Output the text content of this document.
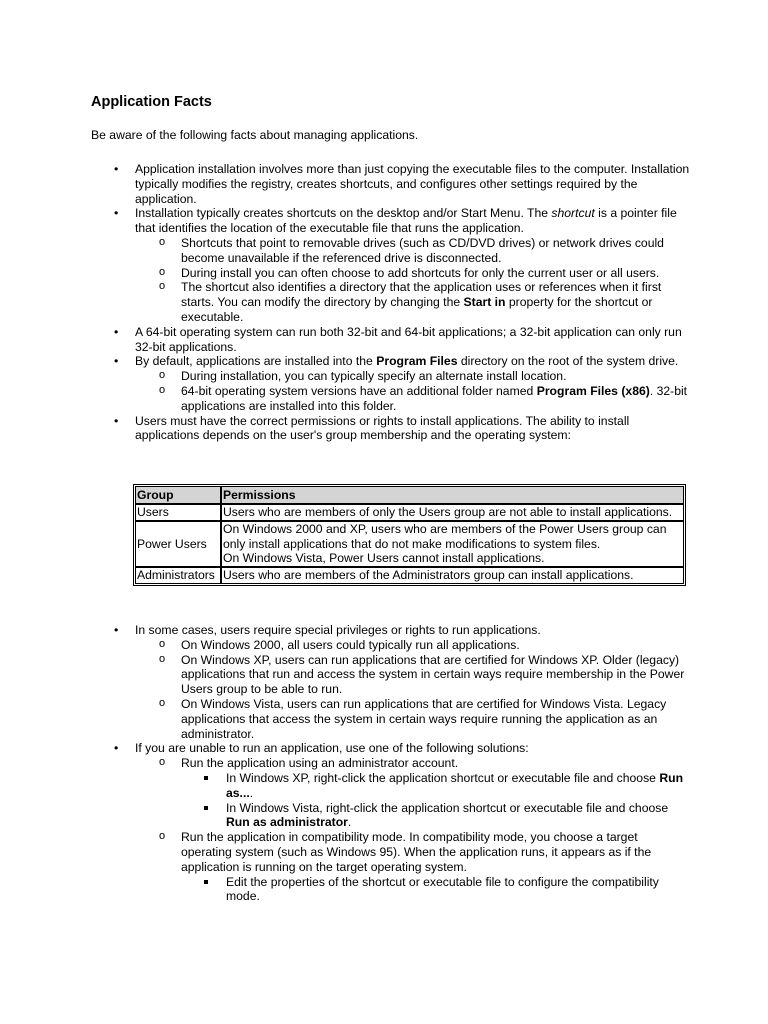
Application Facts

Be aware of the following facts about managing applications.

• Application installation involves more than just copying the executable files to the computer. Installation typically modifies the registry, creates shortcuts, and configures other settings required by the application.
• Installation typically creates shortcuts on the desktop and/or Start Menu. The shortcut is a pointer file that identifies the location of the executable file that runs the application.
o Shortcuts that point to removable drives (such as CD/DVD drives) or network drives could become unavailable if the referenced drive is disconnected.
o During install you can often choose to add shortcuts for only the current user or all users.
o The shortcut also identifies a directory that the application uses or references when it first starts. You can modify the directory by changing the Start in property for the shortcut or executable.
• A 64-bit operating system can run both 32-bit and 64-bit applications; a 32-bit application can only run 32-bit applications.
• By default, applications are installed into the Program Files directory on the root of the system drive.
o During installation, you can typically specify an alternate install location.
o 64-bit operating system versions have an additional folder named Program Files (x86). 32-bit applications are installed into this folder.
• Users must have the correct permissions or rights to install applications. The ability to install applications depends on the user's group membership and the operating system:
Group	Permissions
Users	Users who are members of only the Users group are not able to install applications.
Power Users	On Windows 2000 and XP, users who are members of the Power Users group can only install applications that do not make modifications to system files.
On Windows Vista, Power Users cannot install applications.

Administrators	Users who are members of the Administrators group can install applications.
• In some cases, users require special privileges or rights to run applications.
o On Windows 2000, all users could typically run all applications.
o On Windows XP, users can run applications that are certified for Windows XP. Older (legacy) applications that run and access the system in certain ways require membership in the Power Users group to be able to run.
o On Windows Vista, users can run applications that are certified for Windows Vista. Legacy applications that access the system in certain ways require running the application as an administrator.
• If you are unable to run an application, use one of the following solutions:
o Run the application using an administrator account.
In Windows XP, right-click the application shortcut or executable file and choose Run as....
In Windows Vista, right-click the application shortcut or executable file and choose Run as administrator.
o Run the application in compatibility mode. In compatibility mode, you choose a target operating system (such as Windows 95). When the application runs, it appears as if the application is running on the target operating system.
Edit the properties of the shortcut or executable file to configure the compatibility mode.
